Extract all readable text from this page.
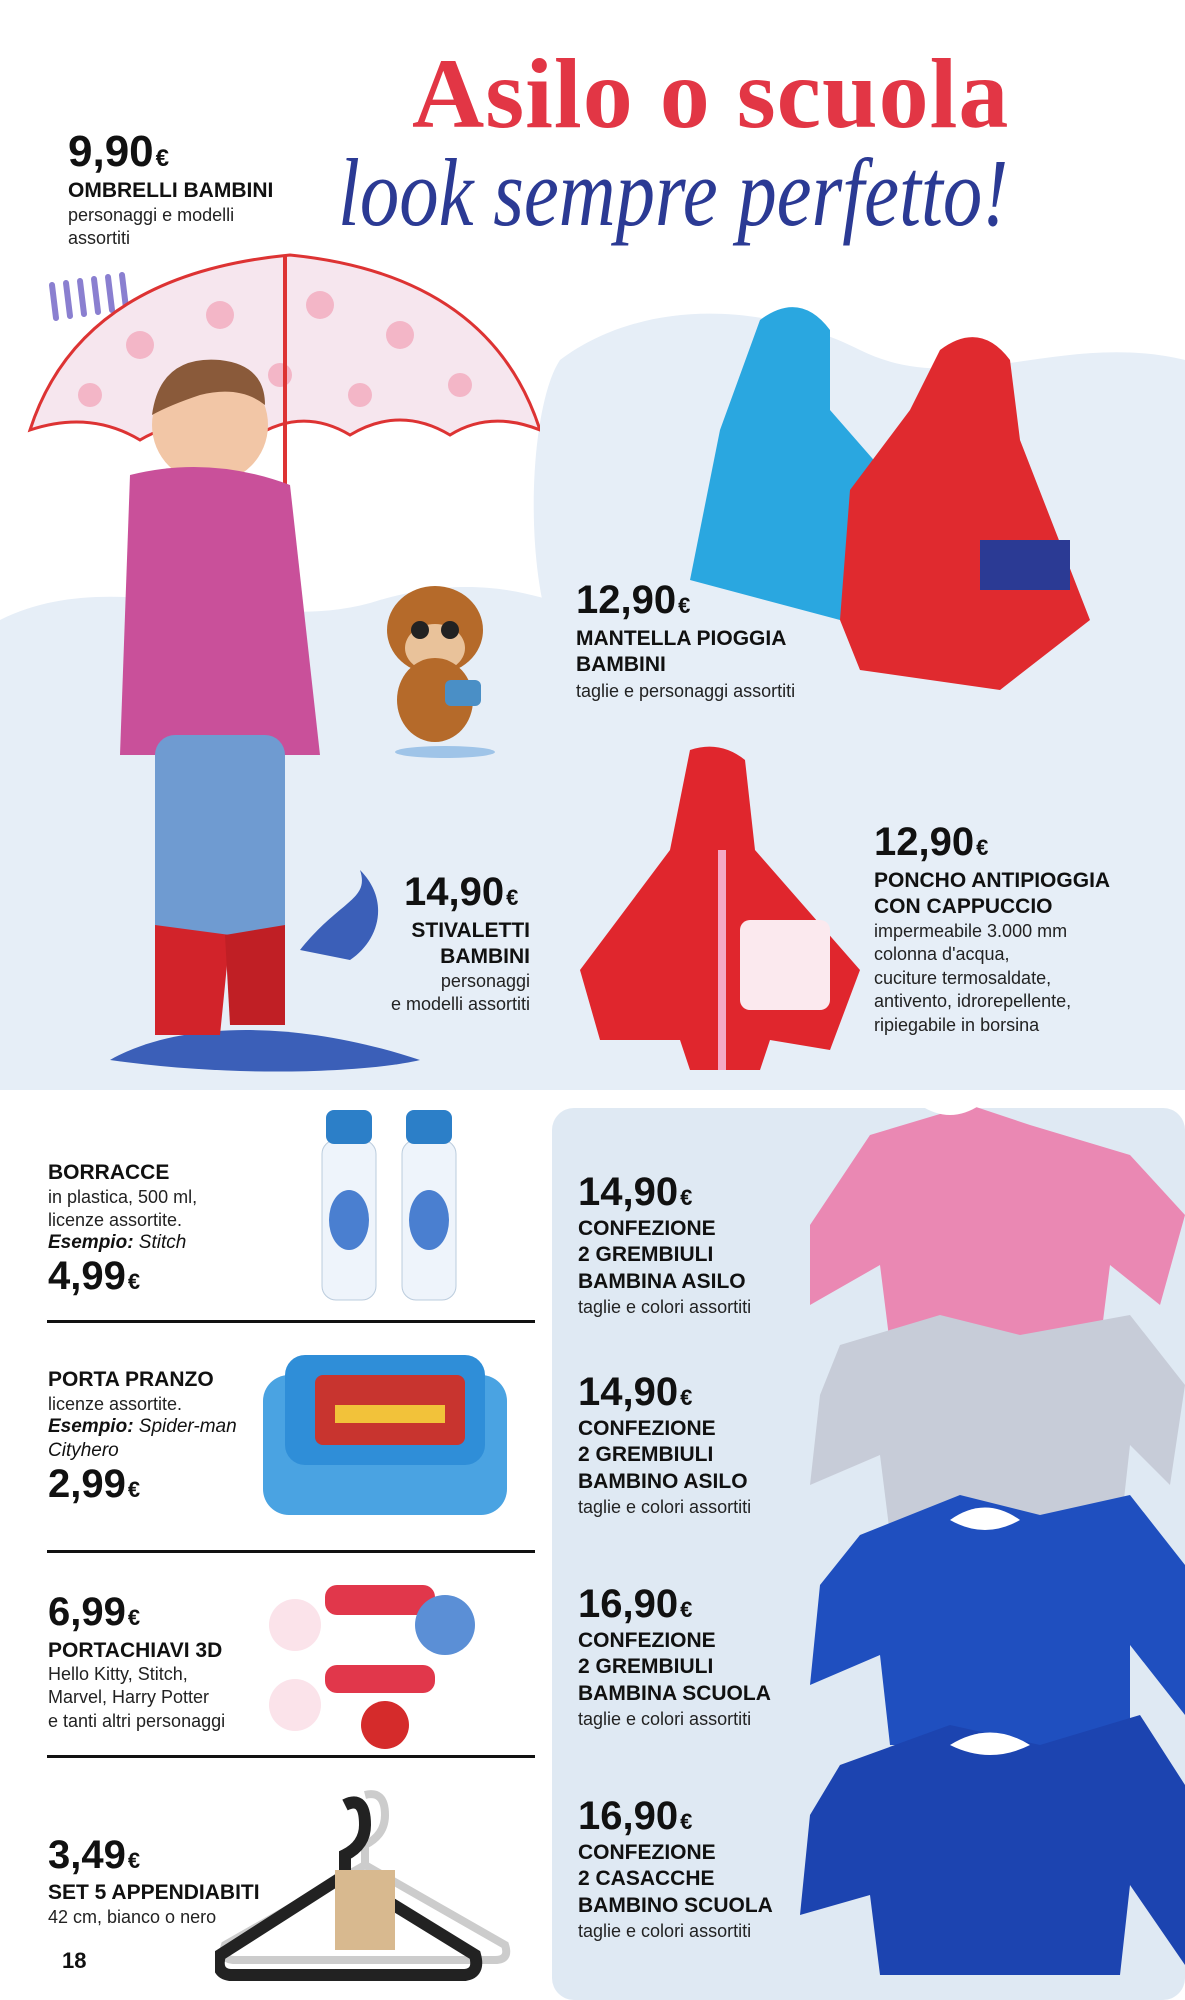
Asilo o scuola
look sempre perfetto!
9,90€
OMBRELLI BAMBINI
personaggi e modelli
assortiti
12,90€
MANTELLA PIOGGIA
BAMBINI
taglie e personaggi assortiti
14,90€
STIVALETTI
BAMBINI
personaggi
e modelli assortiti
12,90€
PONCHO ANTIPIOGGIA
CON CAPPUCCIO
impermeabile 3.000 mm
colonna d'acqua,
cuciture termosaldate,
antivento, idrorepellente,
ripiegabile in borsina
BORRACCE
in plastica, 500 ml,
licenze assortite.
Esempio: Stitch
4,99€
PORTA PRANZO
licenze assortite.
Esempio: Spider-man
Cityhero
2,99€
6,99€
PORTACHIAVI 3D
Hello Kitty, Stitch,
Marvel, Harry Potter
e tanti altri personaggi
3,49€
SET 5 APPENDIABITI
42 cm, bianco o nero
18
14,90€
CONFEZIONE
2 GREMBIULI
BAMBINA ASILO
taglie e colori assortiti
14,90€
CONFEZIONE
2 GREMBIULI
BAMBINO ASILO
taglie e colori assortiti
16,90€
CONFEZIONE
2 GREMBIULI
BAMBINA SCUOLA
taglie e colori assortiti
16,90€
CONFEZIONE
2 CASACCHE
BAMBINO SCUOLA
taglie e colori assortiti
